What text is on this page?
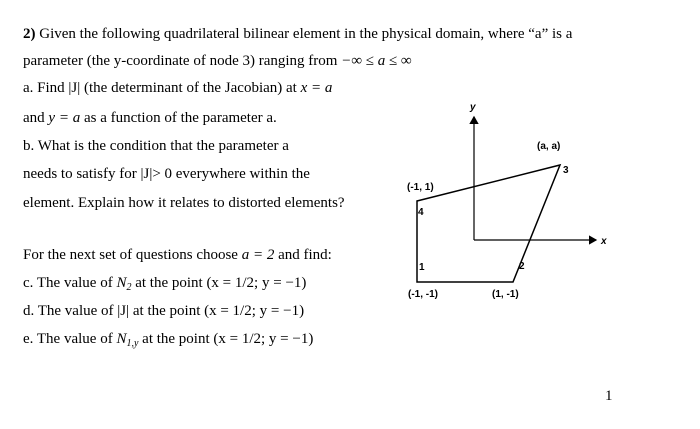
2) Given the following quadrilateral bilinear element in the physical domain, where “a” is a
parameter (the y-coordinate of node 3) ranging from −∞ ≤ a ≤ ∞
a. Find |J| (the determinant of the Jacobian) at x = a
and y = a as a function of the parameter a.
b. What is the condition that the parameter a
needs to satisfy for |J|> 0 everywhere within the
element. Explain how it relates to distorted elements?
For the next set of questions choose a = 2 and find:
c. The value of $N_2$ at the point (x = 1/2; y = −1)
d. The value of |J| at the point (x = 1/2; y = −1)
e. The value of $N_{1,y}$ at the point (x = 1/2; y = −1)
1
y
x
(a, a)
3
(-1, 1)
4
1	2
(-1, -1)	(1, -1)
